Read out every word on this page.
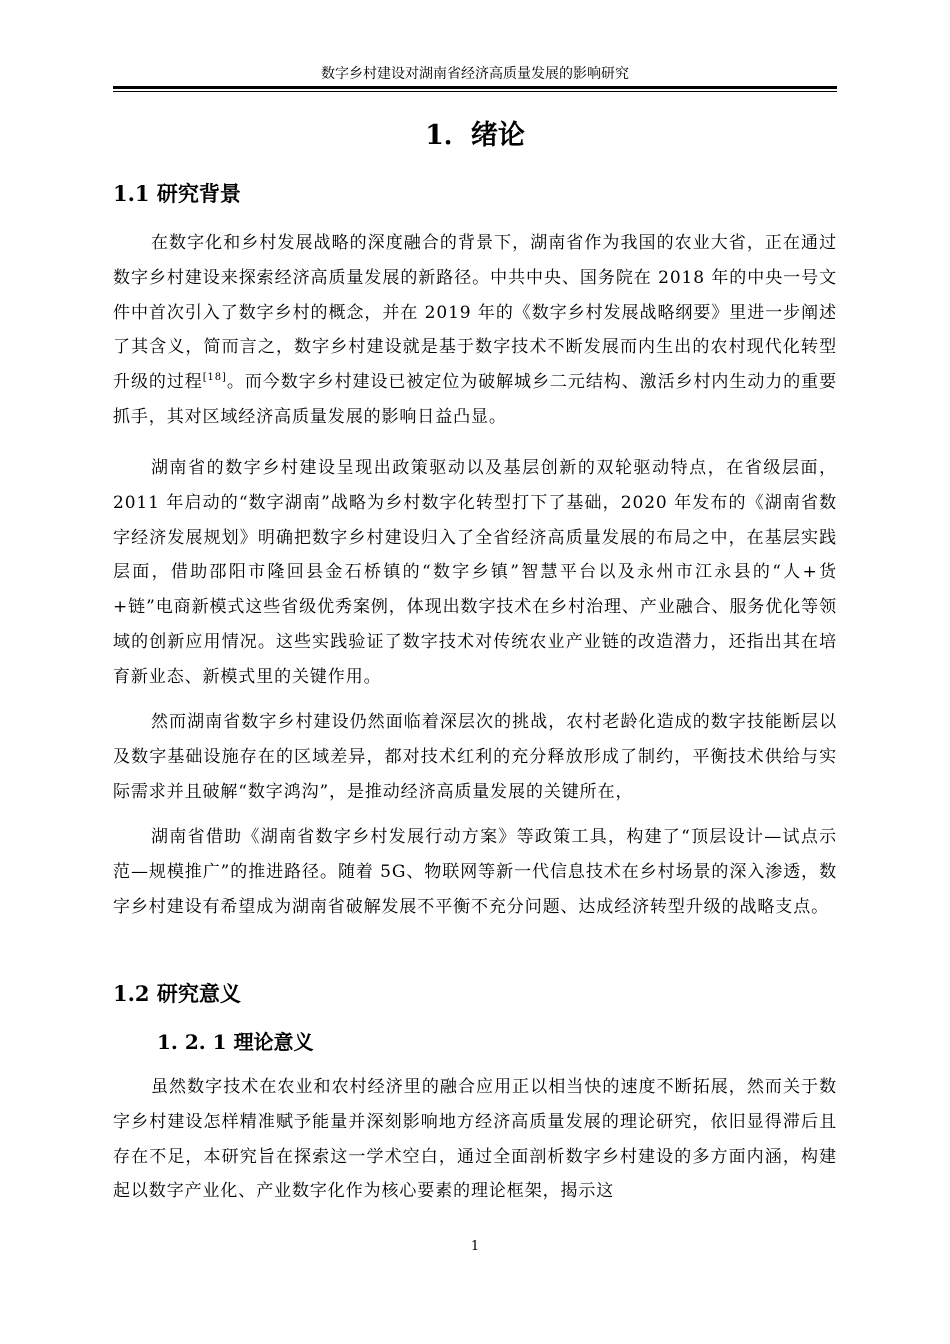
数字乡村建设对湖南省经济高质量发展的影响研究
1．绪论
1.1 研究背景

在数字化和乡村发展战略的深度融合的背景下，湖南省作为我国的农业大省，正在通过数字乡村建设来探索经济高质量发展的新路径。中共中央、国务院在 2018 年的中央一号文件中首次引入了数字乡村的概念，并在 2019 年的《数字乡村发展战略纲要》里进一步阐述了其含义，简而言之，数字乡村建设就是基于数字技术不断发展而内生出的农村现代化转型升级的过程[18]。而今数字乡村建设已被定位为破解城乡二元结构、激活乡村内生动力的重要抓手，其对区域经济高质量发展的影响日益凸显。

湖南省的数字乡村建设呈现出政策驱动以及基层创新的双轮驱动特点，在省级层面，2011 年启动的“数字湖南”战略为乡村数字化转型打下了基础，2020 年发布的《湖南省数字经济发展规划》明确把数字乡村建设归入了全省经济高质量发展的布局之中，在基层实践层面，借助邵阳市隆回县金石桥镇的“数字乡镇”智慧平台以及永州市江永县的“人+货+链”电商新模式这些省级优秀案例，体现出数字技术在乡村治理、产业融合、服务优化等领域的创新应用情况。这些实践验证了数字技术对传统农业产业链的改造潜力，还指出其在培育新业态、新模式里的关键作用。

然而湖南省数字乡村建设仍然面临着深层次的挑战，农村老龄化造成的数字技能断层以及数字基础设施存在的区域差异，都对技术红利的充分释放形成了制约，平衡技术供给与实际需求并且破解“数字鸿沟”，是推动经济高质量发展的关键所在，

湖南省借助《湖南省数字乡村发展行动方案》等政策工具，构建了“顶层设计—试点示范—规模推广”的推进路径。随着 5G、物联网等新一代信息技术在乡村场景的深入渗透，数字乡村建设有希望成为湖南省破解发展不平衡不充分问题、达成经济转型升级的战略支点。

1.2 研究意义
1. 2. 1 理论意义

虽然数字技术在农业和农村经济里的融合应用正以相当快的速度不断拓展，然而关于数字乡村建设怎样精准赋予能量并深刻影响地方经济高质量发展的理论研究，依旧显得滞后且存在不足，本研究旨在探索这一学术空白，通过全面剖析数字乡村建设的多方面内涵，构建起以数字产业化、产业数字化作为核心要素的理论框架，揭示这

1
